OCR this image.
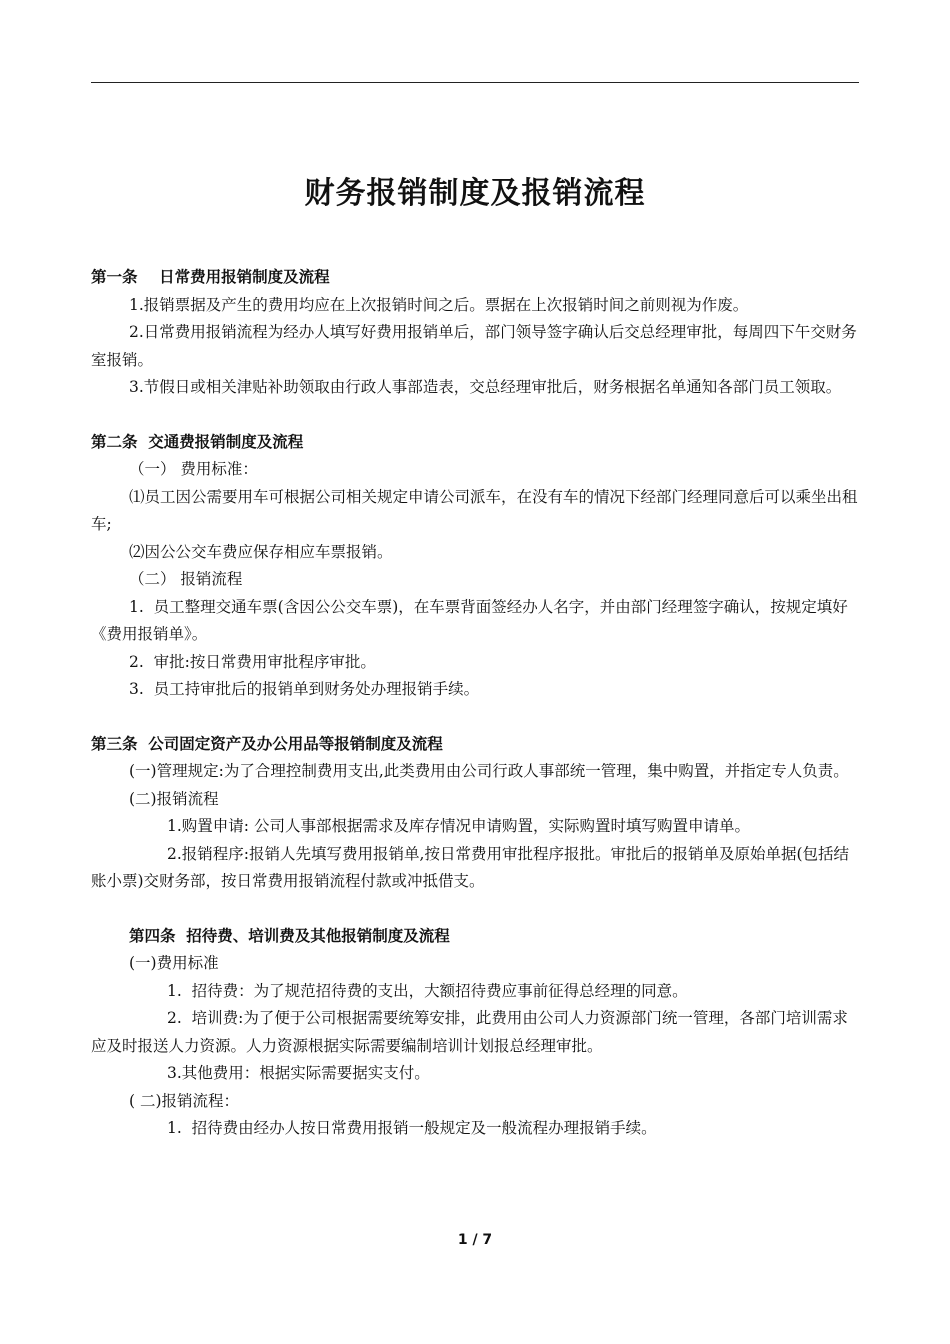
财务报销制度及报销流程

第一条    日常费用报销制度及流程

1.报销票据及产生的费用均应在上次报销时间之后。票据在上次报销时间之前则视为作废。

2.日常费用报销流程为经办人填写好费用报销单后，部门领导签字确认后交总经理审批，每周四下午交财务室报销。

3.节假日或相关津贴补助领取由行政人事部造表，交总经理审批后，财务根据名单通知各部门员工领取。

第二条  交通费报销制度及流程

（一） 费用标准：

⑴员工因公需要用车可根据公司相关规定申请公司派车，在没有车的情况下经部门经理同意后可以乘坐出租车;

⑵因公公交车费应保存相应车票报销。

（二） 报销流程

1.  员工整理交通车票(含因公公交车票)，在车票背面签经办人名字，并由部门经理签字确认，按规定填好《费用报销单》。

2.  审批:按日常费用审批程序审批。

3.  员工持审批后的报销单到财务处办理报销手续。

第三条  公司固定资产及办公用品等报销制度及流程

(一)管理规定:为了合理控制费用支出,此类费用由公司行政人事部统一管理，集中购置，并指定专人负责。

(二)报销流程

1.购置申请: 公司人事部根据需求及库存情况申请购置，实际购置时填写购置申请单。

2.报销程序:报销人先填写费用报销单,按日常费用审批程序报批。审批后的报销单及原始单据(包括结账小票)交财务部，按日常费用报销流程付款或冲抵借支。

第四条  招待费、培训费及其他报销制度及流程

(一)费用标准

1.  招待费：为了规范招待费的支出，大额招待费应事前征得总经理的同意。

2.  培训费:为了便于公司根据需要统筹安排，此费用由公司人力资源部门统一管理，各部门培训需求应及时报送人力资源。人力资源根据实际需要编制培训计划报总经理审批。

3.其他费用：根据实际需要据实支付。

( 二)报销流程：

1.  招待费由经办人按日常费用报销一般规定及一般流程办理报销手续。

1 / 7
